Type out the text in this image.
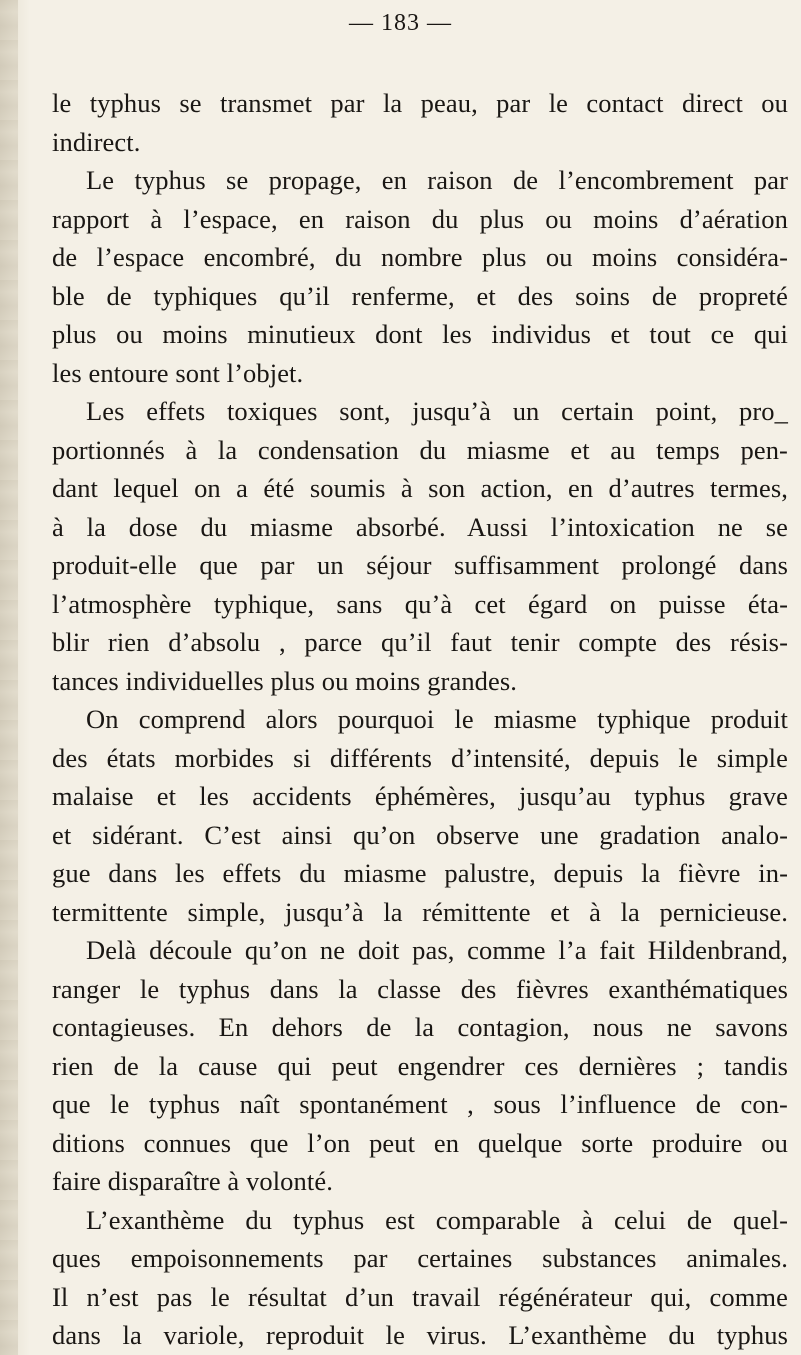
— 183 —
le typhus se transmet par la peau, par le contact direct ou
indirect.
Le typhus se propage, en raison de l’encombrement par
rapport à l’espace, en raison du plus ou moins d’aération
de l’espace encombré, du nombre plus ou moins considéra-
ble de typhiques qu’il renferme, et des soins de propreté
plus ou moins minutieux dont les individus et tout ce qui
les entoure sont l’objet.
Les effets toxiques sont, jusqu’à un certain point, pro_
portionnés à la condensation du miasme et au temps pen-
dant lequel on a été soumis à son action, en d’autres termes,
à la dose du miasme absorbé. Aussi l’intoxication ne se
produit-elle que par un séjour suffisamment prolongé dans
l’atmosphère typhique, sans qu’à cet égard on puisse éta-
blir rien d’absolu , parce qu’il faut tenir compte des résis-
tances individuelles plus ou moins grandes.
On comprend alors pourquoi le miasme typhique produit
des états morbides si différents d’intensité, depuis le simple
malaise et les accidents éphémères, jusqu’au typhus grave
et sidérant. C’est ainsi qu’on observe une gradation analo-
gue dans les effets du miasme palustre, depuis la fièvre in-
termittente simple, jusqu’à la rémittente et à la pernicieuse.
Delà découle qu’on ne doit pas, comme l’a fait Hildenbrand,
ranger le typhus dans la classe des fièvres exanthématiques
contagieuses. En dehors de la contagion, nous ne savons
rien de la cause qui peut engendrer ces dernières ; tandis
que le typhus naît spontanément , sous l’influence de con-
ditions connues que l’on peut en quelque sorte produire ou
faire disparaître à volonté.
L’exanthème du typhus est comparable à celui de quel-
ques empoisonnements par certaines substances animales.
Il n’est pas le résultat d’un travail régénérateur qui, comme
dans la variole, reproduit le virus. L’exanthème du typhus
